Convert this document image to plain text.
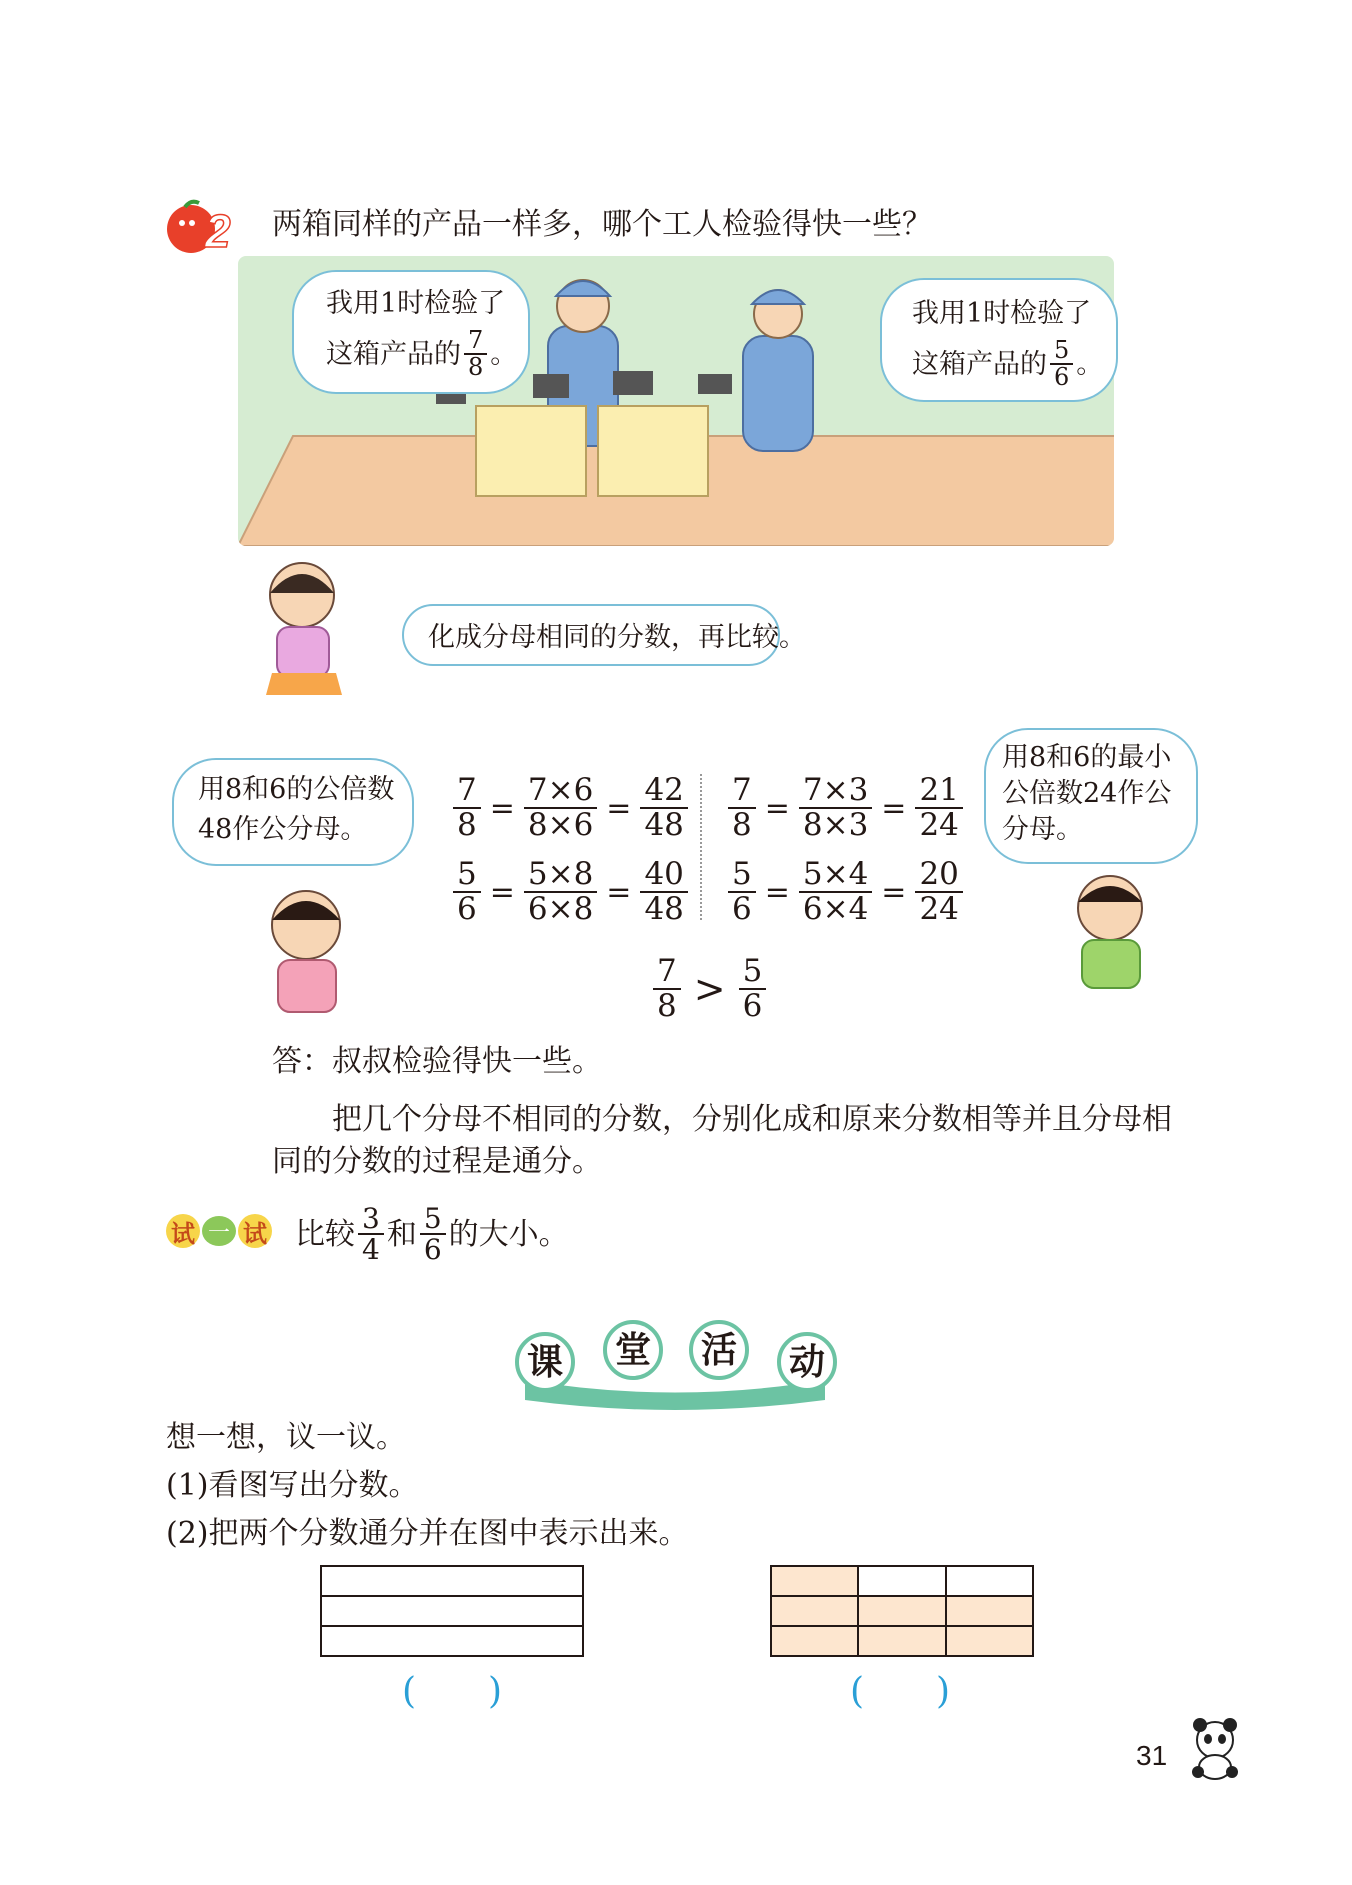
2 两箱同样的产品一样多，哪个工人检验得快一些？
我用1时检验了
这箱产品的 $\frac{7}{8}$ 。
我用1时检验了
这箱产品的 $\frac{5}{6}$ 。
化成分母相同的分数，再比较。
用8和6的公倍数
48作公分母。	$\frac{7}{8} = \frac{7\times 6}{8\times 6} = \frac{42}{48}$
$\frac{5}{6} = \frac{5\times 8}{6\times 8} = \frac{40}{48}$
$\frac{7}{8} = \frac{7\times 3}{8\times 3} = \frac{21}{24}$
$\frac{5}{6} = \frac{5\times 4}{6\times 4} = \frac{20}{24}$
用8和6的最小
公倍数24作公
分母。
$\frac{7}{8} > \frac{5}{6}$
答：叔叔检验得快一些。
把几个分母不相同的分数，分别化成和原来分数相等并且分母相
同的分数的过程是通分。
试 一 试 比较 $\frac{3}{4}$ 和 $\frac{5}{6}$ 的大小。
课 堂 活 动
想一想，议一议。
(1)看图写出分数。
(2)把两个分数通分并在图中表示出来。
(　　)	(　　)
31
